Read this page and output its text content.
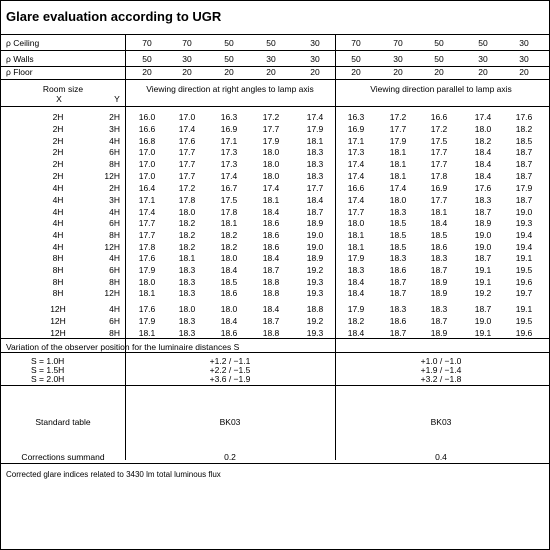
Glare evaluation according to UGR
ρ Ceiling	70	70	50	50	30	70	70	50	50	30
ρ Walls	50	30	50	30	30	50	30	50	30	30
ρ Floor	20	20	20	20	20	20	20	20	20	20
Room size
X	Y
Viewing direction at right angles to lamp axis	Viewing direction parallel to lamp axis
2H	2H 16.0	17.0	16.3	17.2	17.4	16.3	17.2	16.6	17.4	17.6
2H	3H 16.6	17.4	16.9	17.7	17.9	16.9	17.7	17.2	18.0	18.2
2H	4H 16.8	17.6	17.1	17.9	18.1	17.1	17.9	17.5	18.2	18.5
2H	6H 17.0	17.7	17.3	18.0	18.3	17.3	18.1	17.7	18.4	18.7
2H	8H 17.0	17.7	17.3	18.0	18.3	17.4	18.1	17.7	18.4	18.7
2H	12H 17.0	17.7	17.4	18.0	18.3	17.4	18.1	17.8	18.4	18.7
4H	2H 16.4	17.2	16.7	17.4	17.7	16.6	17.4	16.9	17.6	17.9
4H	3H 17.1	17.8	17.5	18.1	18.4	17.4	18.0	17.7	18.3	18.7
4H	4H 17.4	18.0	17.8	18.4	18.7	17.7	18.3	18.1	18.7	19.0
4H	6H 17.7	18.2	18.1	18.6	18.9	18.0	18.5	18.4	18.9	19.3
4H	8H 17.7	18.2	18.2	18.6	19.0	18.1	18.5	18.5	19.0	19.4
4H	12H 17.8	18.2	18.2	18.6	19.0	18.1	18.5	18.6	19.0	19.4
8H	4H 17.6	18.1	18.0	18.4	18.9	17.9	18.3	18.3	18.7	19.1
8H	6H 17.9	18.3	18.4	18.7	19.2	18.3	18.6	18.7	19.1	19.5
8H	8H 18.0	18.3	18.5	18.8	19.3	18.4	18.7	18.9	19.1	19.6
8H	12H 18.1	18.3	18.6	18.8	19.3	18.4	18.7	18.9	19.2	19.7
12H	4H 17.6	18.0	18.0	18.4	18.8	17.9	18.3	18.3	18.7	19.1
12H	6H 17.9	18.3	18.4	18.7	19.2	18.2	18.6	18.7	19.0	19.5
12H	8H 18.1	18.3	18.6	18.8	19.3	18.4	18.7	18.9	19.1	19.6
Variation of the observer position for the luminaire distances S
S = 1.0H	+1.2 / −1.1	+1.0 / −1.0
S = 1.5H	+2.2 / −1.5	+1.9 / −1.4
S = 2.0H	+3.6 / −1.9	+3.2 / −1.8
Standard table	BK03	BK03
Corrections summand	0.2	0.4
Corrected glare indices related to 3430 lm total luminous flux
